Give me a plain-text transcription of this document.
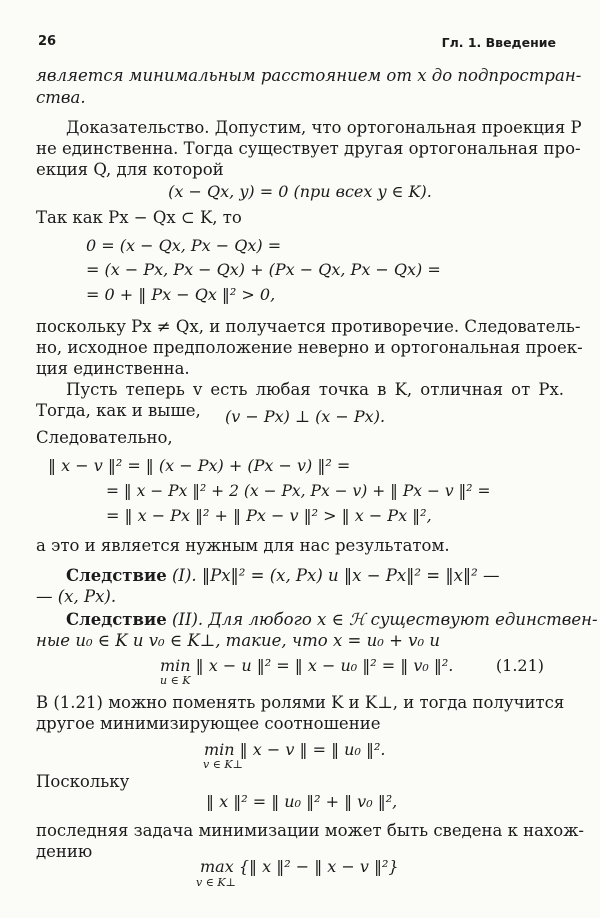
26	Гл. 1. Введение
является минимальным расстоянием от x до подпростран-
ства.
Доказательство. Допустим, что ортогональная проекция P
не единственна. Тогда существует другая ортогональная про-
екция Q, для которой
(x − Qx, y) = 0 (при всех y ∈ K).
Так как Px − Qx ⊂ K, то
0 = (x − Qx, Px − Qx) =
= (x − Px, Px − Qx) + (Px − Qx, Px − Qx) =
= 0 + ‖ Px − Qx ‖² > 0,
поскольку Px ≠ Qx, и получается противоречие. Следователь-
но, исходное предположение неверно и ортогональная проек-
ция единственна.
Пусть теперь v есть любая точка в K, отличная от Px.
Тогда, как и выше,	(v − Px) ⊥ (x − Px).
Следовательно,
‖ x − v ‖² = ‖ (x − Px) + (Px − v) ‖² =
= ‖ x − Px ‖² + 2 (x − Px, Px − v) + ‖ Px − v ‖² =
= ‖ x − Px ‖² + ‖ Px − v ‖² > ‖ x − Px ‖²,
а это и является нужным для нас результатом.
Следствие (I). ‖Px‖² = (x, Px) и ‖x − Px‖² = ‖x‖² —
— (x, Px).
Следствие (II). Для любого x ∈ ℋ существуют единствен-
ные u₀ ∈ K и v₀ ∈ K⊥, такие, что x = u₀ + v₀ и
min ‖ x − u ‖² = ‖ x − u₀ ‖² = ‖ v₀ ‖².	(1.21)
u ∈ K
В (1.21) можно поменять ролями K и K⊥, и тогда получится
другое минимизирующее соотношение
min ‖ x − v ‖ = ‖ u₀ ‖².
v ∈ K⊥
Поскольку
‖ x ‖² = ‖ u₀ ‖² + ‖ v₀ ‖²,
последняя задача минимизации может быть сведена к нахож-
дению
max {‖ x ‖² − ‖ x − v ‖²}
v ∈ K⊥
